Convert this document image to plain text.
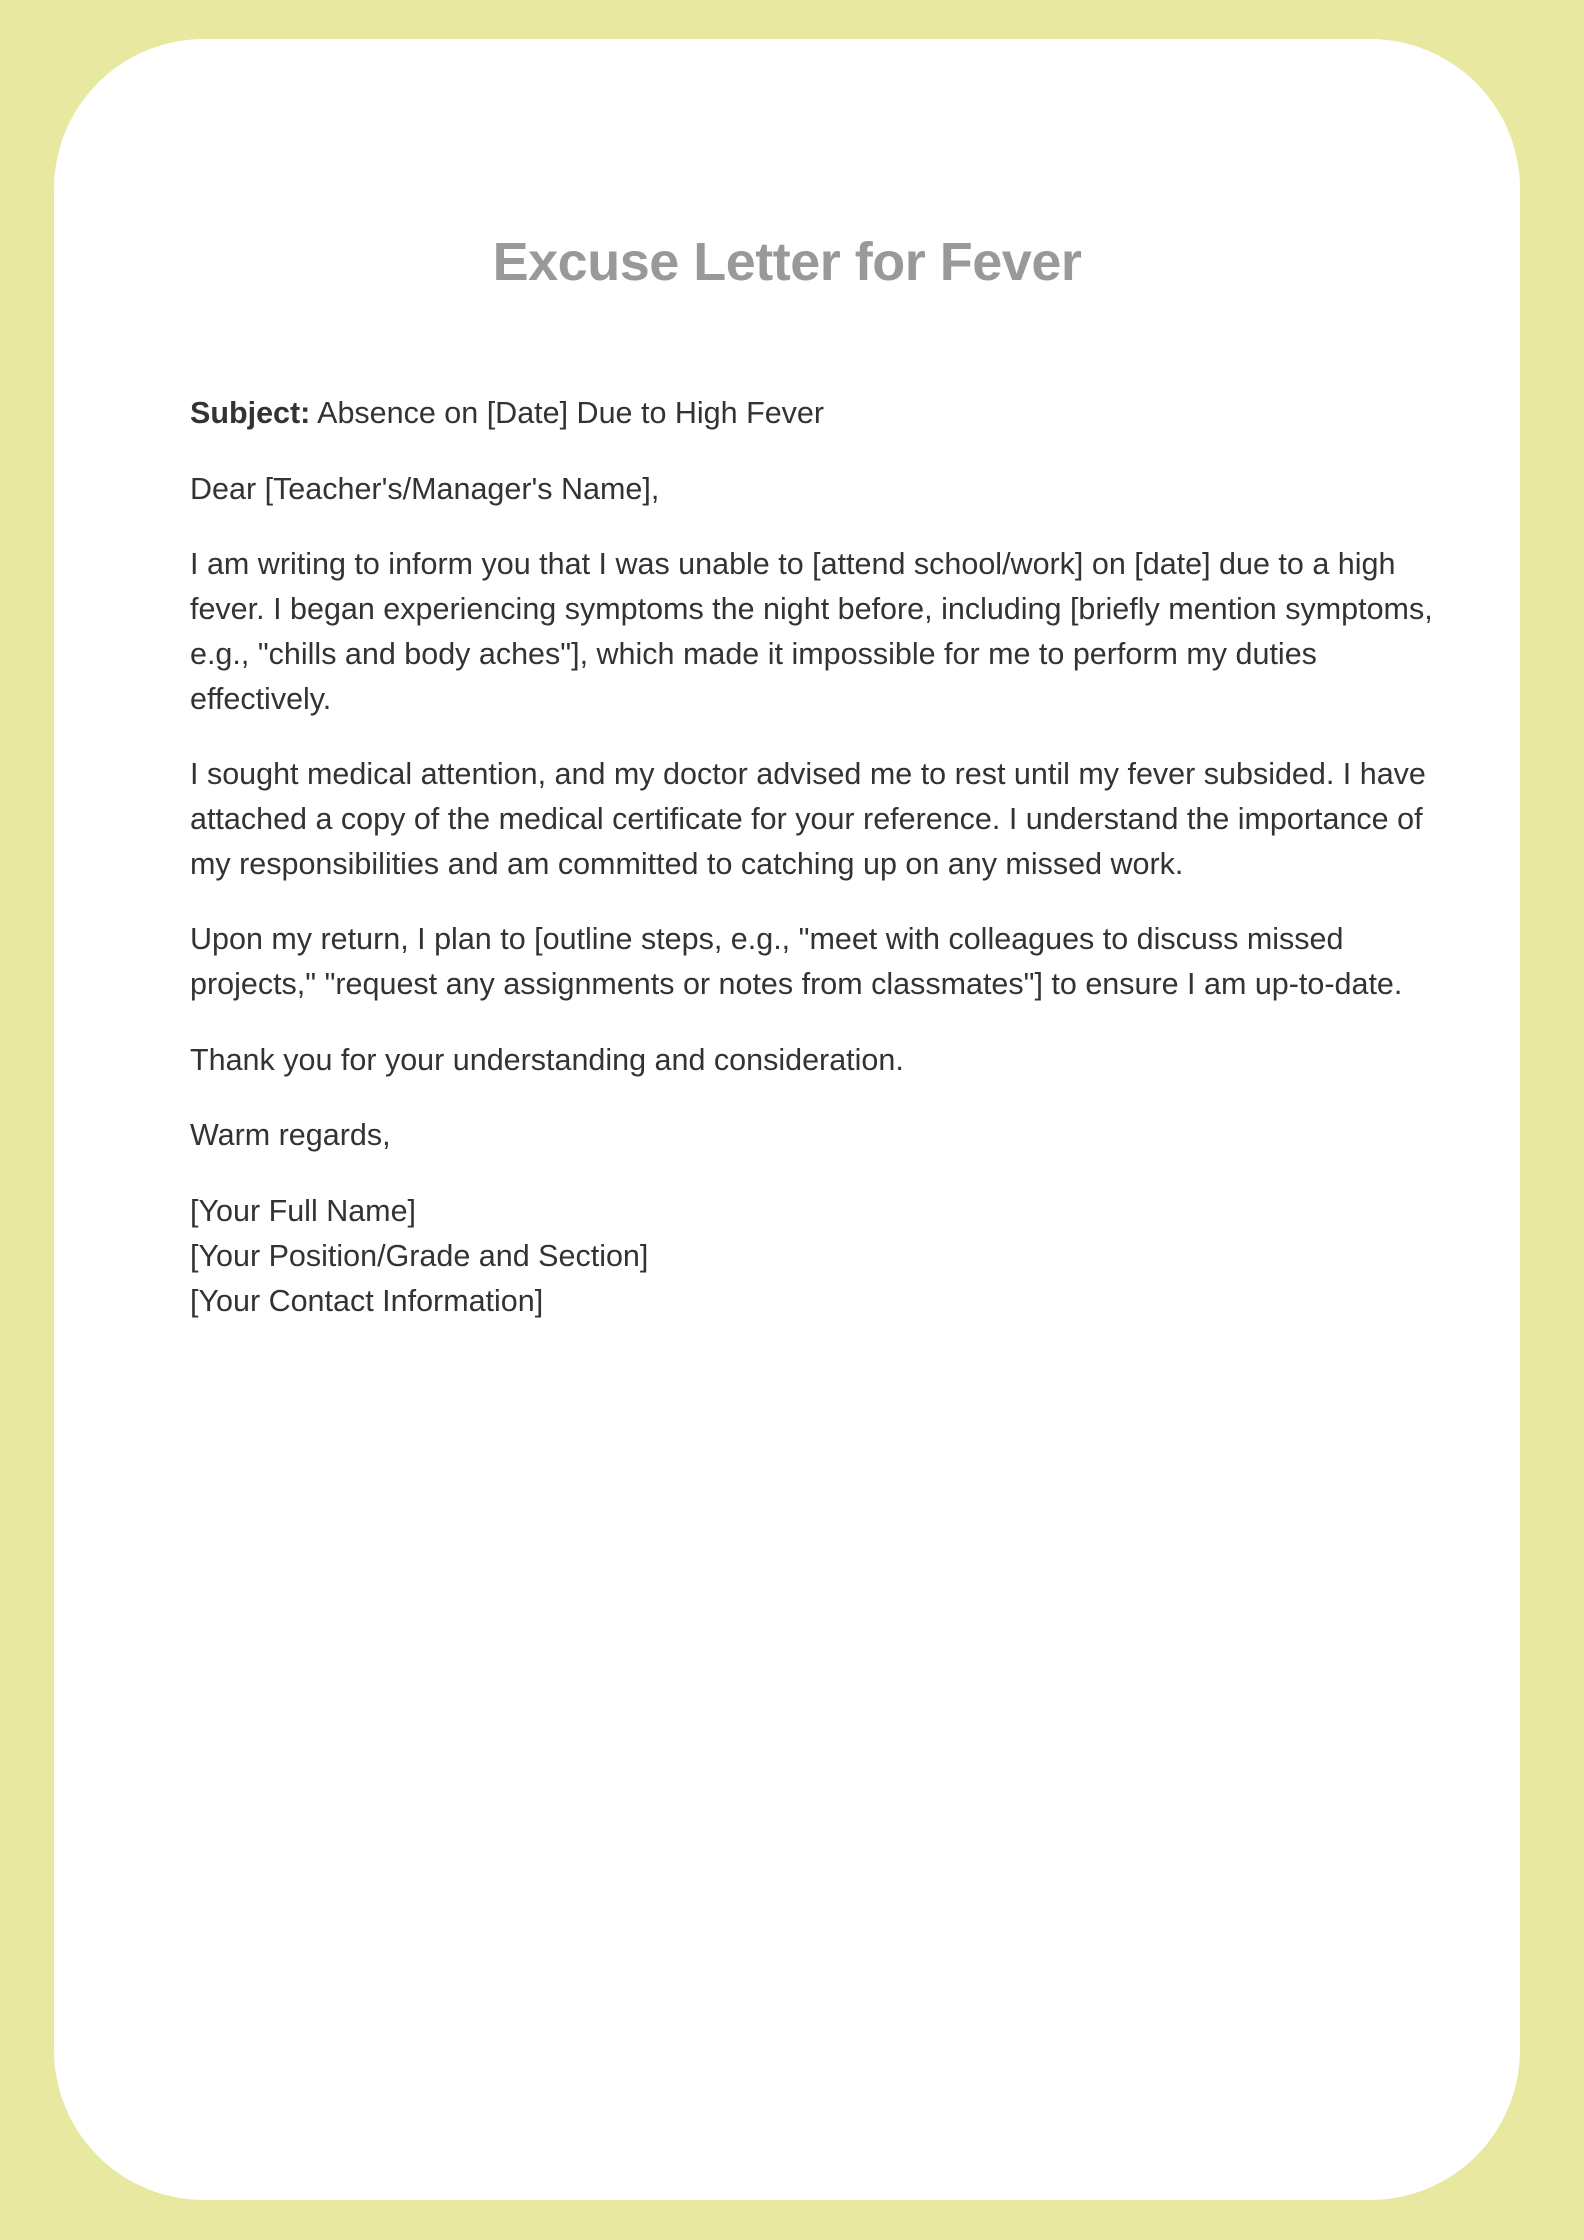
Excuse Letter for Fever

Subject: Absence on [Date] Due to High Fever

Dear [Teacher's/Manager's Name],

I am writing to inform you that I was unable to [attend school/work] on [date] due to a high fever. I began experiencing symptoms the night before, including [briefly mention symptoms, e.g., "chills and body aches"], which made it impossible for me to perform my duties effectively.

I sought medical attention, and my doctor advised me to rest until my fever subsided. I have attached a copy of the medical certificate for your reference. I understand the importance of my responsibilities and am committed to catching up on any missed work.

Upon my return, I plan to [outline steps, e.g., "meet with colleagues to discuss missed projects," "request any assignments or notes from classmates"] to ensure I am up-to-date.

Thank you for your understanding and consideration.

Warm regards,

[Your Full Name]
[Your Position/Grade and Section]
[Your Contact Information]
